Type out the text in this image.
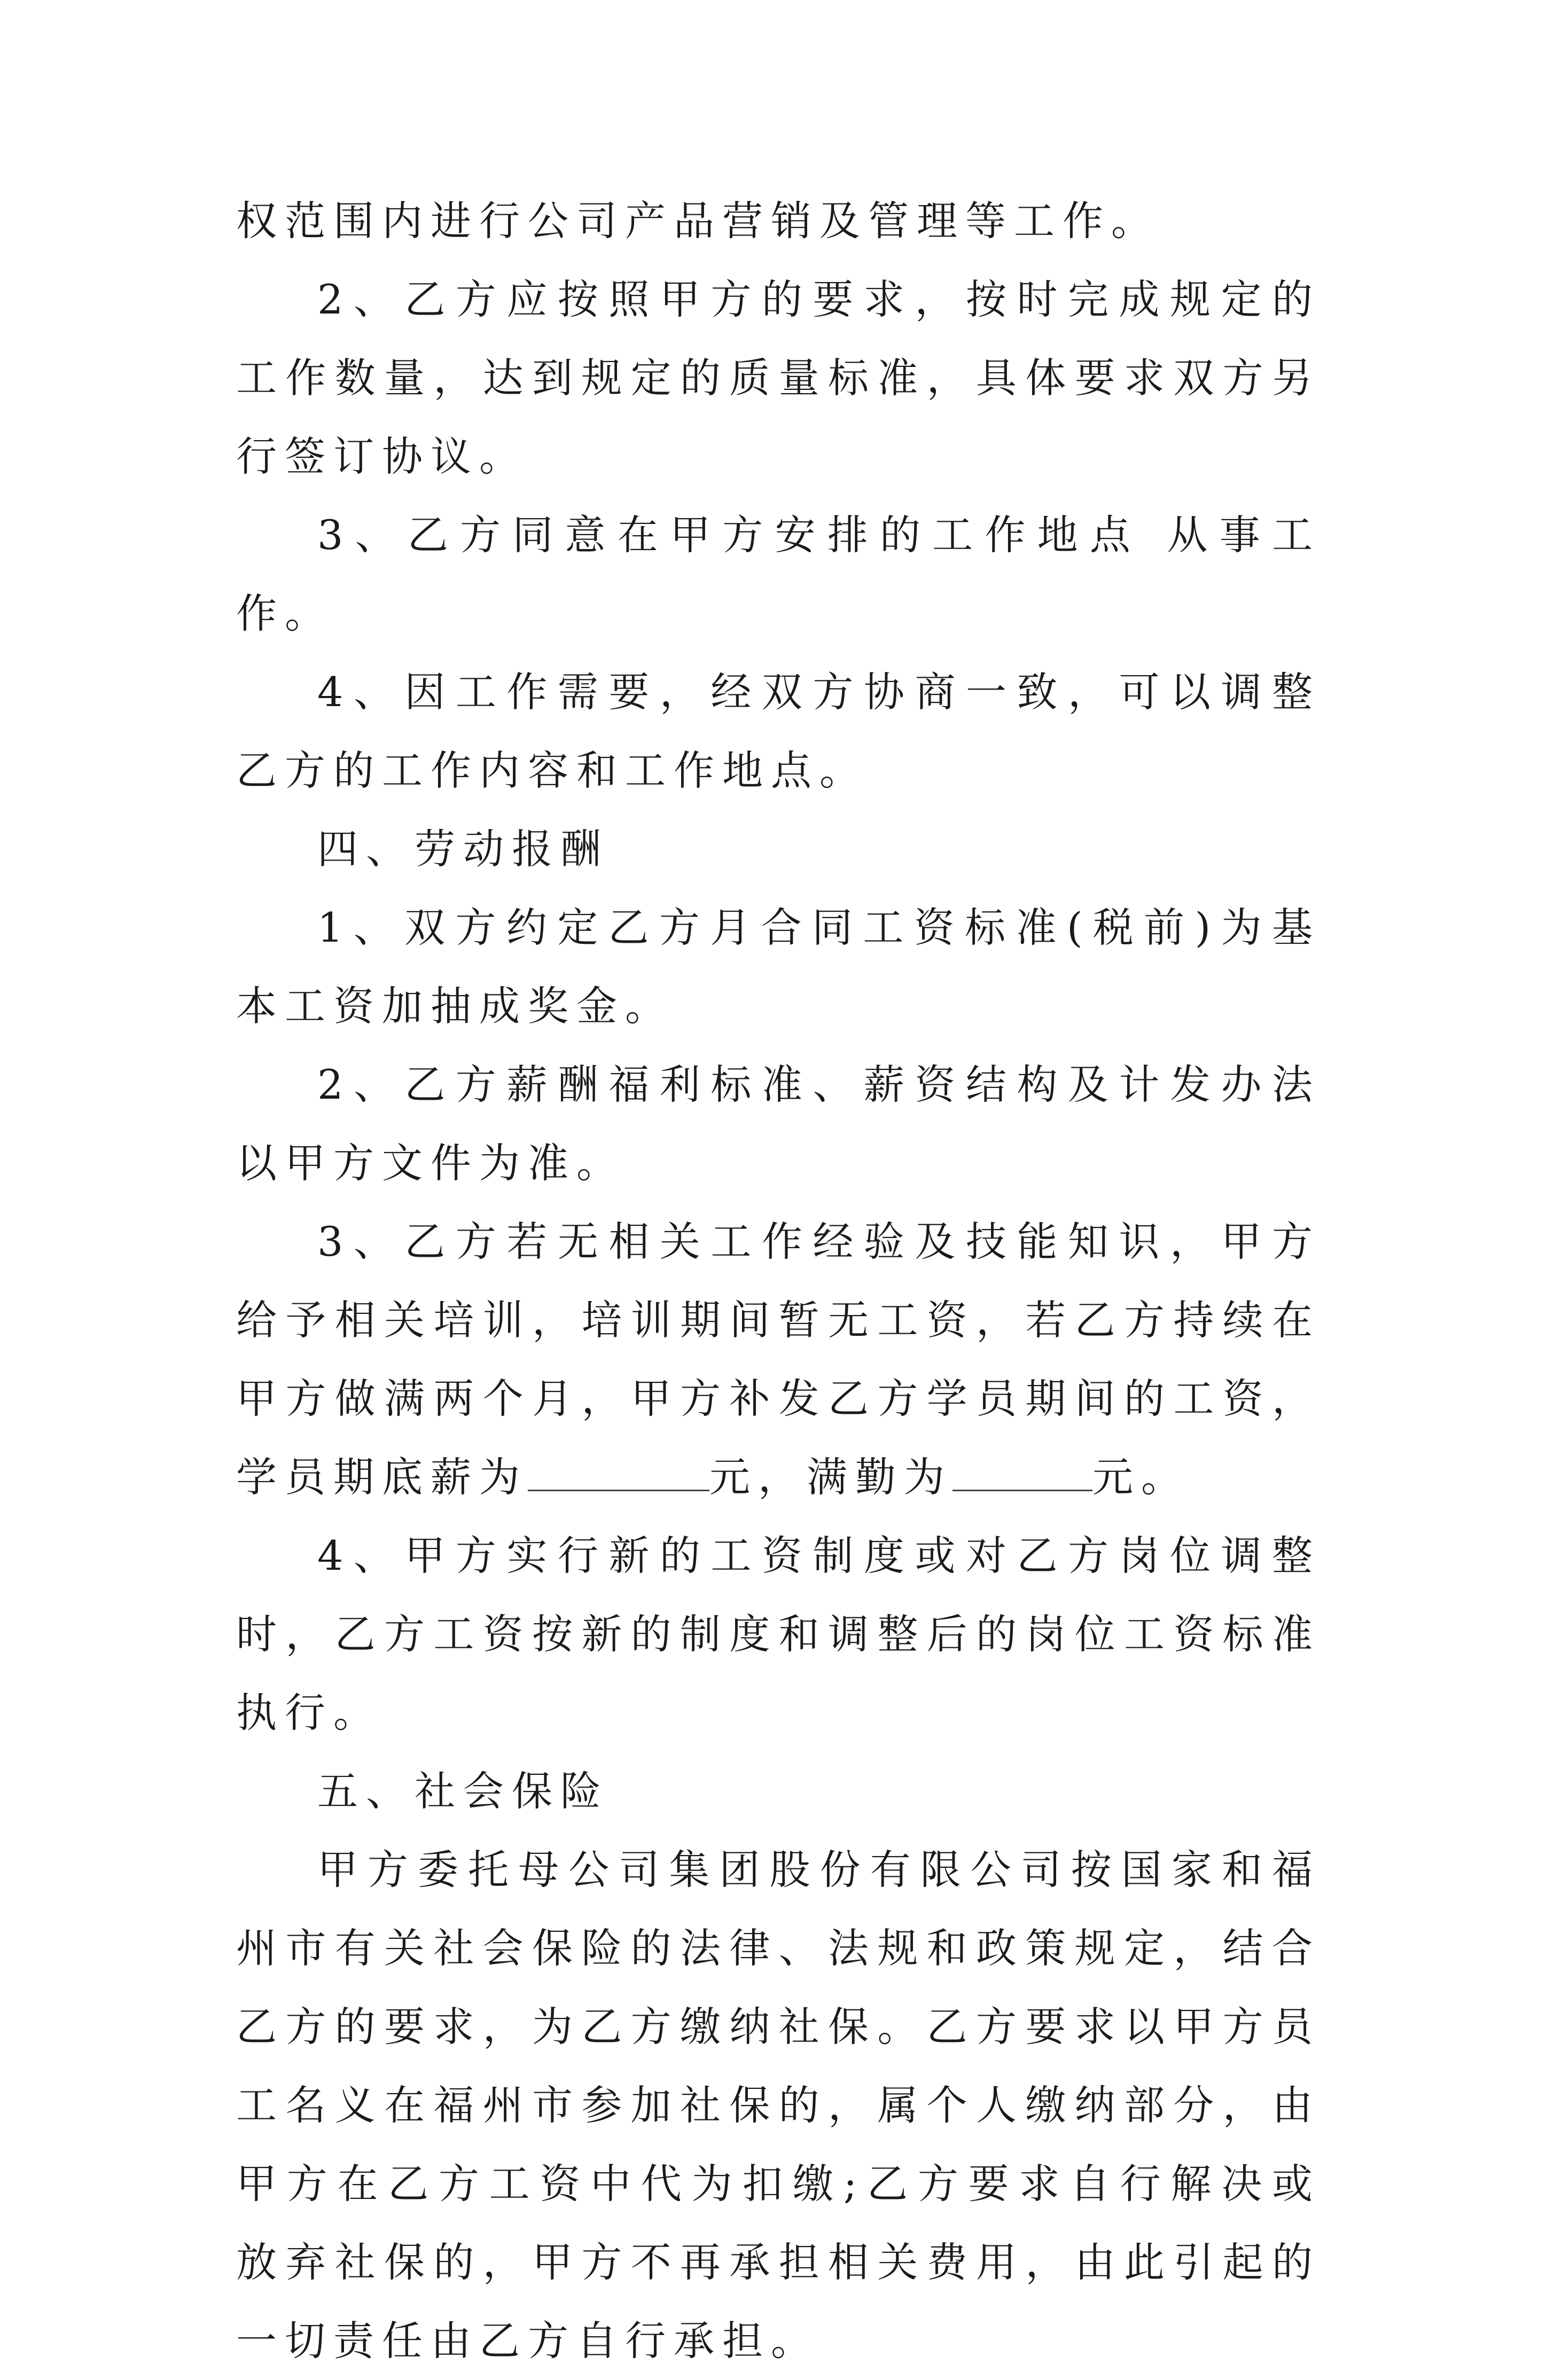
权范围内进行公司产品营销及管理等工作。

2、乙方应按照甲方的要求，按时完成规定的工作数量，达到规定的质量标准，具体要求双方另行签订协议。

3、乙方同意在甲方安排的工作地点 从事工作。

4、因工作需要，经双方协商一致，可以调整乙方的工作内容和工作地点。

四、劳动报酬

1、双方约定乙方月合同工资标准(税前)为基本工资加抽成奖金。

2、乙方薪酬福利标准、薪资结构及计发办法以甲方文件为准。

3、乙方若无相关工作经验及技能知识，甲方给予相关培训，培训期间暂无工资，若乙方持续在甲方做满两个月，甲方补发乙方学员期间的工资，学员期底薪为	元，满勤为	元。

4、甲方实行新的工资制度或对乙方岗位调整时，乙方工资按新的制度和调整后的岗位工资标准执行。

五、社会保险

甲方委托母公司集团股份有限公司按国家和福州市有关社会保险的法律、法规和政策规定，结合乙方的要求，为乙方缴纳社保。乙方要求以甲方员工名义在福州市参加社保的，属个人缴纳部分，由甲方在乙方工资中代为扣缴;乙方要求自行解决或放弃社保的，甲方不再承担相关费用，由此引起的一切责任由乙方自行承担。
